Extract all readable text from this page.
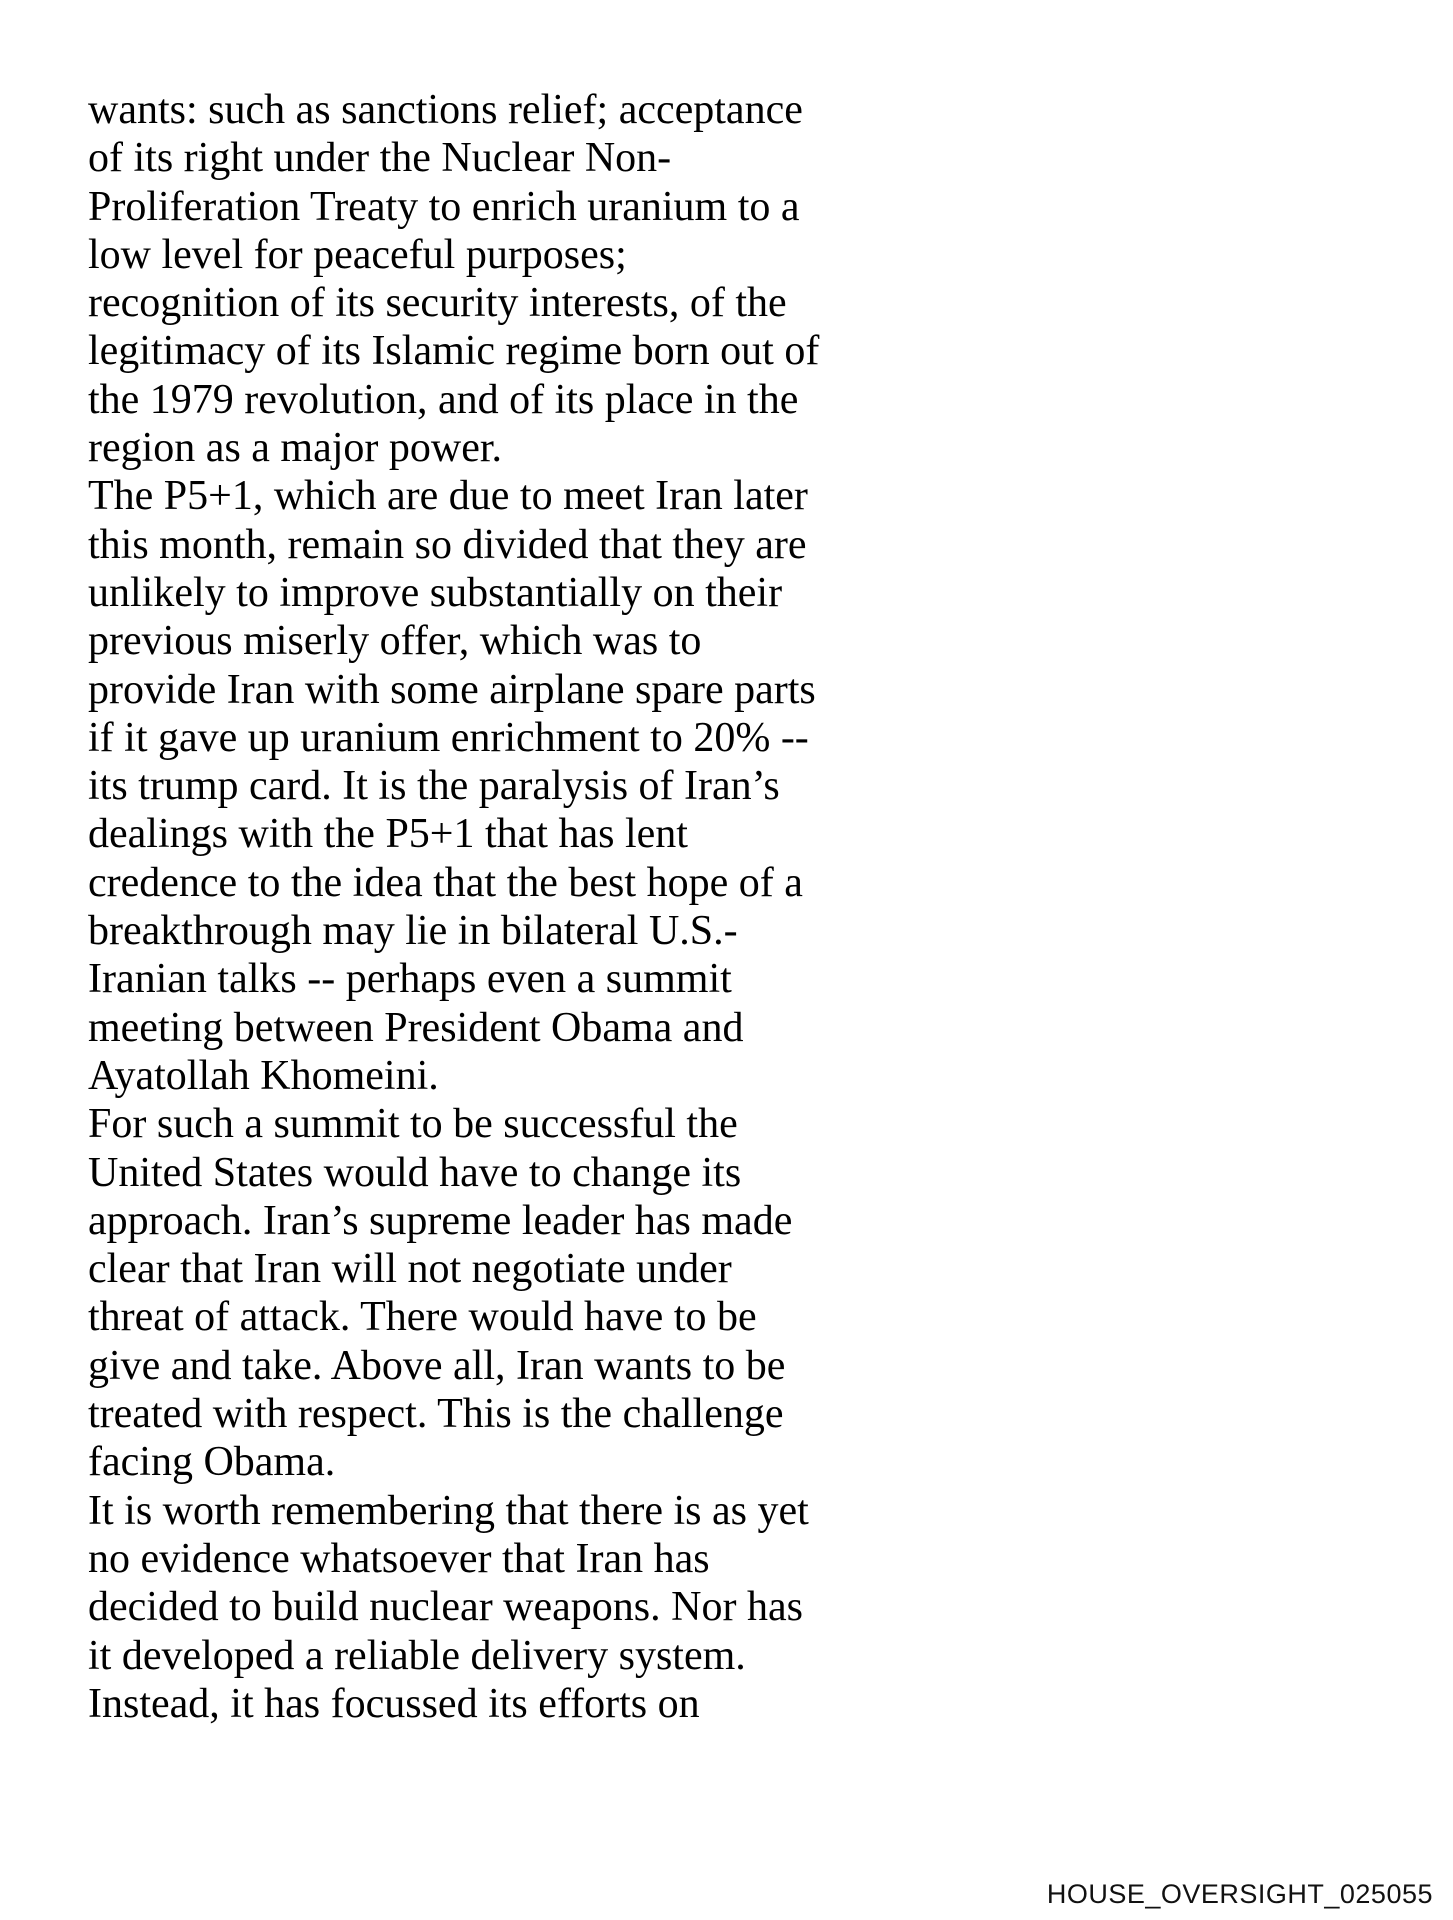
wants: such as sanctions relief; acceptance
of its right under the Nuclear Non-
Proliferation Treaty to enrich uranium to a
low level for peaceful purposes;
recognition of its security interests, of the
legitimacy of its Islamic regime born out of
the 1979 revolution, and of its place in the
region as a major power.
The P5+1, which are due to meet Iran later
this month, remain so divided that they are
unlikely to improve substantially on their
previous miserly offer, which was to
provide Iran with some airplane spare parts
if it gave up uranium enrichment to 20% --
its trump card. It is the paralysis of Iran’s
dealings with the P5+1 that has lent
credence to the idea that the best hope of a
breakthrough may lie in bilateral U.S.-
Iranian talks -- perhaps even a summit
meeting between President Obama and
Ayatollah Khomeini.
For such a summit to be successful the
United States would have to change its
approach. Iran’s supreme leader has made
clear that Iran will not negotiate under
threat of attack. There would have to be
give and take. Above all, Iran wants to be
treated with respect. This is the challenge
facing Obama.
It is worth remembering that there is as yet
no evidence whatsoever that Iran has
decided to build nuclear weapons. Nor has
it developed a reliable delivery system.
Instead, it has focussed its efforts on
HOUSE_OVERSIGHT_025055
